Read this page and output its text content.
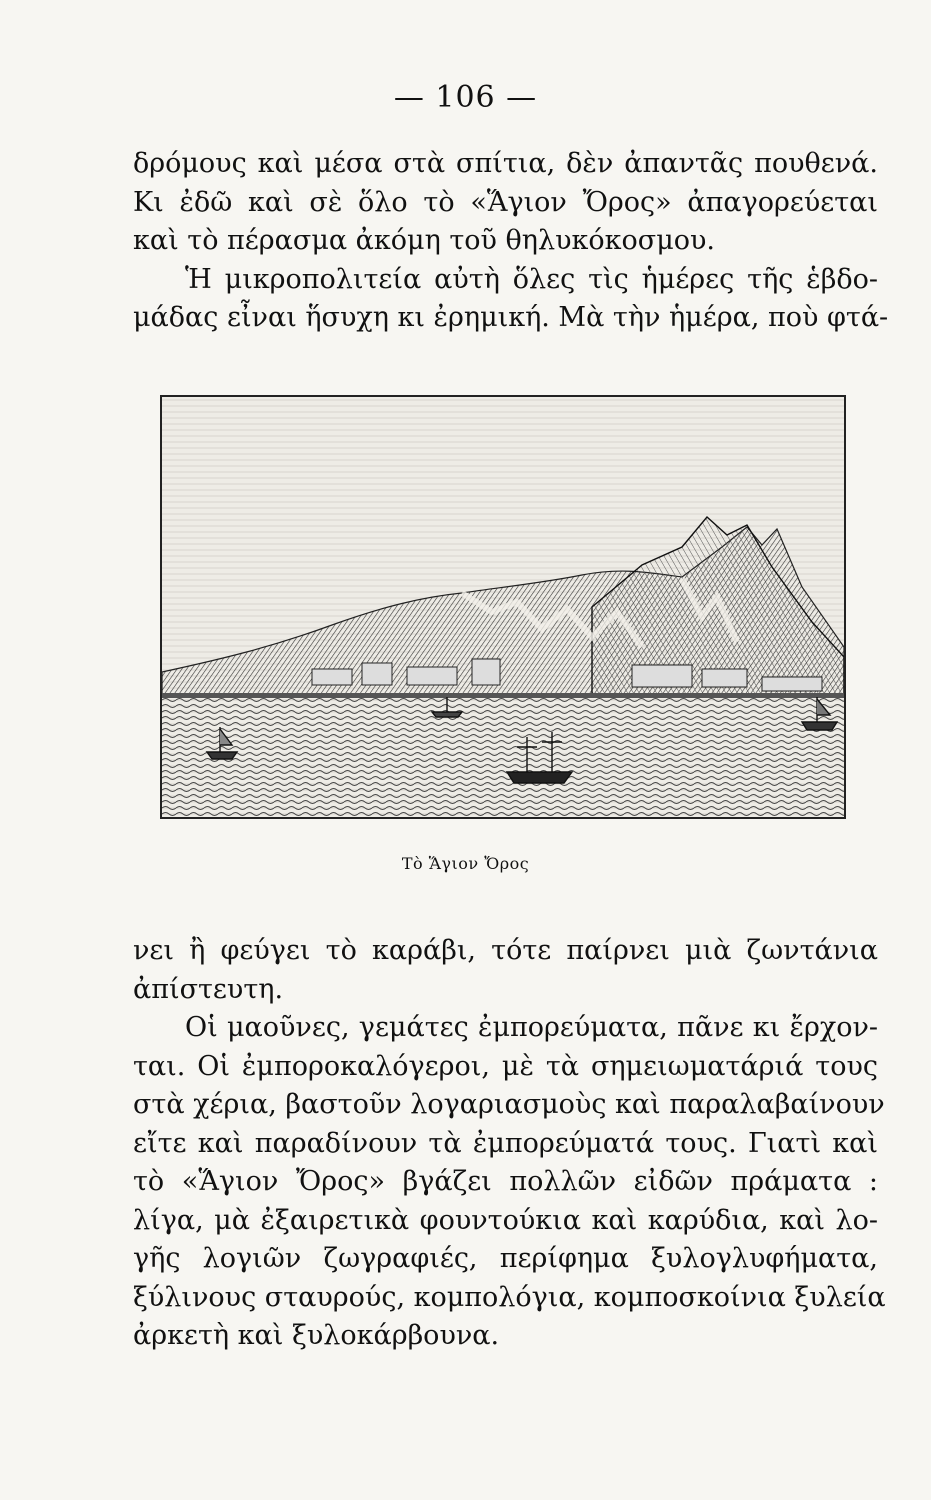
— 106 —
δρόμους καὶ μέσα στὰ σπίτια, δὲν ἀπαντᾶς πουθενά.
Κι ἐδῶ καὶ σὲ ὅλο τὸ «Ἅγιον Ὄρος» ἀπαγορεύεται
καὶ τὸ πέρασμα ἀκόμη τοῦ θηλυκόκοσμου.
Ἡ μικροπολιτεία αὐτὴ ὅλες τὶς ἡμέρες τῆς ἑβδο-
μάδας εἶναι ἥσυχη κι ἐρημική. Μὰ τὴν ἡμέρα, ποὺ φτά-
Τὸ Ἅγιον Ὄρος
νει ἢ φεύγει τὸ καράβι, τότε παίρνει μιὰ ζωντάνια
ἀπίστευτη.
Οἱ μαοῦνες, γεμάτες ἐμπορεύματα, πᾶνε κι ἔρχον-
ται. Οἱ ἐμποροκαλόγεροι, μὲ τὰ σημειωματάριά τους
στὰ χέρια, βαστοῦν λογαριασμοὺς καὶ παραλαβαίνουν
εἴτε καὶ παραδίνουν τὰ ἐμπορεύματά τους. Γιατὶ καὶ
τὸ «Ἅγιον Ὄρος» βγάζει πολλῶν εἰδῶν πράματα :
λίγα, μὰ ἐξαιρετικὰ φουντούκια καὶ καρύδια, καὶ λο-
γῆς λογιῶν ζωγραφιές, περίφημα ξυλογλυφήματα,
ξύλινους σταυρούς, κομπολόγια, κομποσκοίνια ξυλεία
ἀρκετὴ καὶ ξυλοκάρβουνα.
